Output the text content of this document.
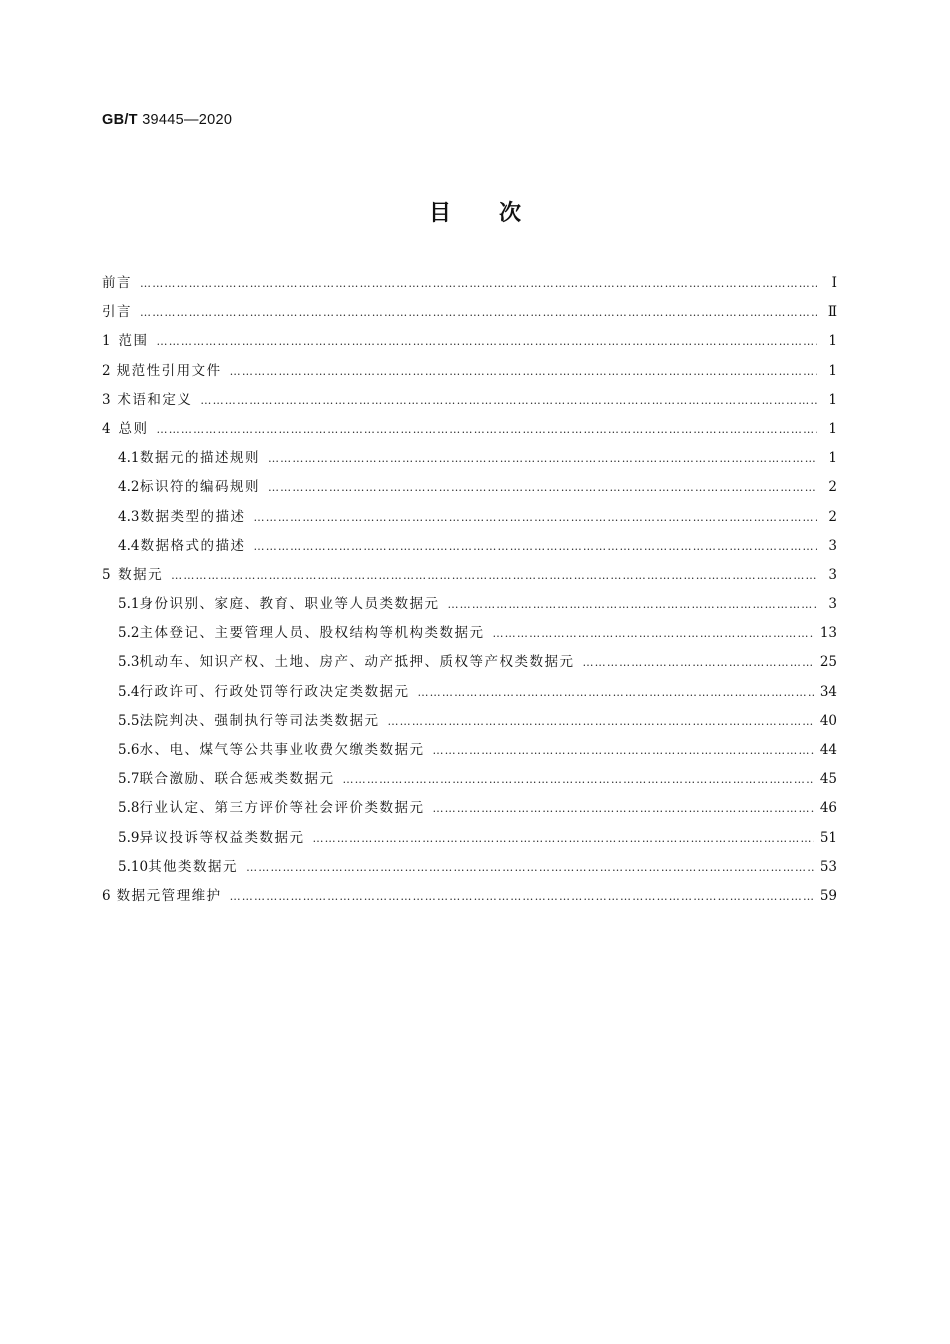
GB/T 39445—2020
目次
前言 …………………………………………………………………………………………………………………………………………………………………………………………………………………………	Ⅰ
引言 …………………………………………………………………………………………………………………………………………………………………………………………………………………………	Ⅱ
1 范围 …………………………………………………………………………………………………………………………………………………………………………………………………………………………	1
2 规范性引用文件 …………………………………………………………………………………………………………………………………………………………………………………………………………………………	1
3 术语和定义 …………………………………………………………………………………………………………………………………………………………………………………………………………………………	1
4 总则 …………………………………………………………………………………………………………………………………………………………………………………………………………………………	1
4.1 数据元的描述规则 …………………………………………………………………………………………………………………………………………………………………………………………………………………………	1
4.2 标识符的编码规则 …………………………………………………………………………………………………………………………………………………………………………………………………………………………	2
4.3 数据类型的描述 …………………………………………………………………………………………………………………………………………………………………………………………………………………………	2
4.4 数据格式的描述 …………………………………………………………………………………………………………………………………………………………………………………………………………………………	3
5 数据元 …………………………………………………………………………………………………………………………………………………………………………………………………………………………	3
5.1 身份识别、家庭、教育、职业等人员类数据元 …………………………………………………………………………………………………………………………………………………………………………………………………………………………	3
5.2 主体登记、主要管理人员、股权结构等机构类数据元 …………………………………………………………………………………………………………………………………………………………………………………………………………………………	13
5.3 机动车、知识产权、土地、房产、动产抵押、质权等产权类数据元 …………………………………………………………………………………………………………………………………………………………………………………………………………………………	25
5.4 行政许可、行政处罚等行政决定类数据元 …………………………………………………………………………………………………………………………………………………………………………………………………………………………	34
5.5 法院判决、强制执行等司法类数据元 …………………………………………………………………………………………………………………………………………………………………………………………………………………………	40
5.6 水、电、煤气等公共事业收费欠缴类数据元 …………………………………………………………………………………………………………………………………………………………………………………………………………………………	44
5.7 联合激励、联合惩戒类数据元 …………………………………………………………………………………………………………………………………………………………………………………………………………………………	45
5.8 行业认定、第三方评价等社会评价类数据元 …………………………………………………………………………………………………………………………………………………………………………………………………………………………	46
5.9 异议投诉等权益类数据元 …………………………………………………………………………………………………………………………………………………………………………………………………………………………	51
5.10 其他类数据元 …………………………………………………………………………………………………………………………………………………………………………………………………………………………	53
6 数据元管理维护 …………………………………………………………………………………………………………………………………………………………………………………………………………………………	59
